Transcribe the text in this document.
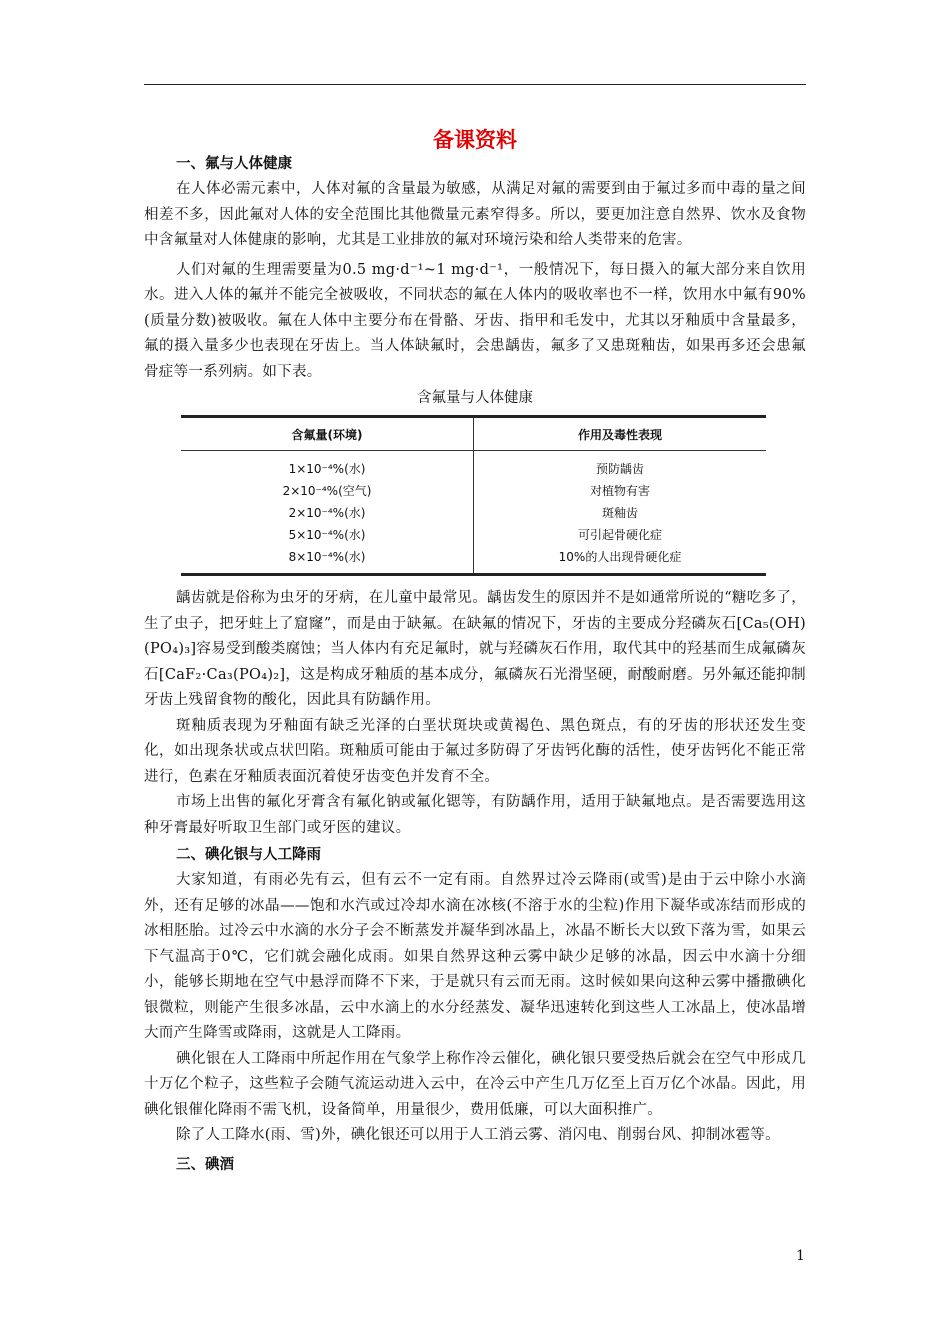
备课资料
一、氟与人体健康

在人体必需元素中，人体对氟的含量最为敏感，从满足对氟的需要到由于氟过多而中毒的量之间相差不多，因此氟对人体的安全范围比其他微量元素窄得多。所以，要更加注意自然界、饮水及食物中含氟量对人体健康的影响，尤其是工业排放的氟对环境污染和给人类带来的危害。

人们对氟的生理需要量为0.5 mg·d⁻¹~1 mg·d⁻¹，一般情况下，每日摄入的氟大部分来自饮用水。进入人体的氟并不能完全被吸收，不同状态的氟在人体内的吸收率也不一样，饮用水中氟有90%(质量分数)被吸收。氟在人体中主要分布在骨骼、牙齿、指甲和毛发中，尤其以牙釉质中含量最多，氟的摄入量多少也表现在牙齿上。当人体缺氟时，会患龋齿，氟多了又患斑釉齿，如果再多还会患氟骨症等一系列病。如下表。

含氟量与人体健康

含氟量(环境)	作用及毒性表现
1×10⁻⁴%(水)	预防龋齿
2×10⁻⁴%(空气)	对植物有害
2×10⁻⁴%(水)	斑釉齿
5×10⁻⁴%(水)	可引起骨硬化症
8×10⁻⁴%(水)	10%的人出现骨硬化症

龋齿就是俗称为虫牙的牙病，在儿童中最常见。龋齿发生的原因并不是如通常所说的“糖吃多了，生了虫子，把牙蛀上了窟窿”，而是由于缺氟。在缺氟的情况下，牙齿的主要成分羟磷灰石[Ca₅(OH)(PO₄)₃]容易受到酸类腐蚀；当人体内有充足氟时，就与羟磷灰石作用，取代其中的羟基而生成氟磷灰石[CaF₂·Ca₃(PO₄)₂]，这是构成牙釉质的基本成分，氟磷灰石光滑坚硬，耐酸耐磨。另外氟还能抑制牙齿上残留食物的酸化，因此具有防龋作用。

斑釉质表现为牙釉面有缺乏光泽的白垩状斑块或黄褐色、黑色斑点，有的牙齿的形状还发生变化，如出现条状或点状凹陷。斑釉质可能由于氟过多防碍了牙齿钙化酶的活性，使牙齿钙化不能正常进行，色素在牙釉质表面沉着使牙齿变色并发育不全。

市场上出售的氟化牙膏含有氟化钠或氟化锶等，有防龋作用，适用于缺氟地点。是否需要选用这种牙膏最好听取卫生部门或牙医的建议。

二、碘化银与人工降雨

大家知道，有雨必先有云，但有云不一定有雨。自然界过冷云降雨(或雪)是由于云中除小水滴外，还有足够的冰晶——饱和水汽或过冷却水滴在冰核(不溶于水的尘粒)作用下凝华或冻结而形成的冰相胚胎。过冷云中水滴的水分子会不断蒸发并凝华到冰晶上，冰晶不断长大以致下落为雪，如果云下气温高于0℃，它们就会融化成雨。如果自然界这种云雾中缺少足够的冰晶，因云中水滴十分细小，能够长期地在空气中悬浮而降不下来，于是就只有云而无雨。这时候如果向这种云雾中播撒碘化银微粒，则能产生很多冰晶，云中水滴上的水分经蒸发、凝华迅速转化到这些人工冰晶上，使冰晶增大而产生降雪或降雨，这就是人工降雨。

碘化银在人工降雨中所起作用在气象学上称作冷云催化，碘化银只要受热后就会在空气中形成几十万亿个粒子，这些粒子会随气流运动进入云中，在冷云中产生几万亿至上百万亿个冰晶。因此，用碘化银催化降雨不需飞机，设备简单，用量很少，费用低廉，可以大面积推广。

除了人工降水(雨、雪)外，碘化银还可以用于人工消云雾、消闪电、削弱台风、抑制冰雹等。

三、碘酒
1
